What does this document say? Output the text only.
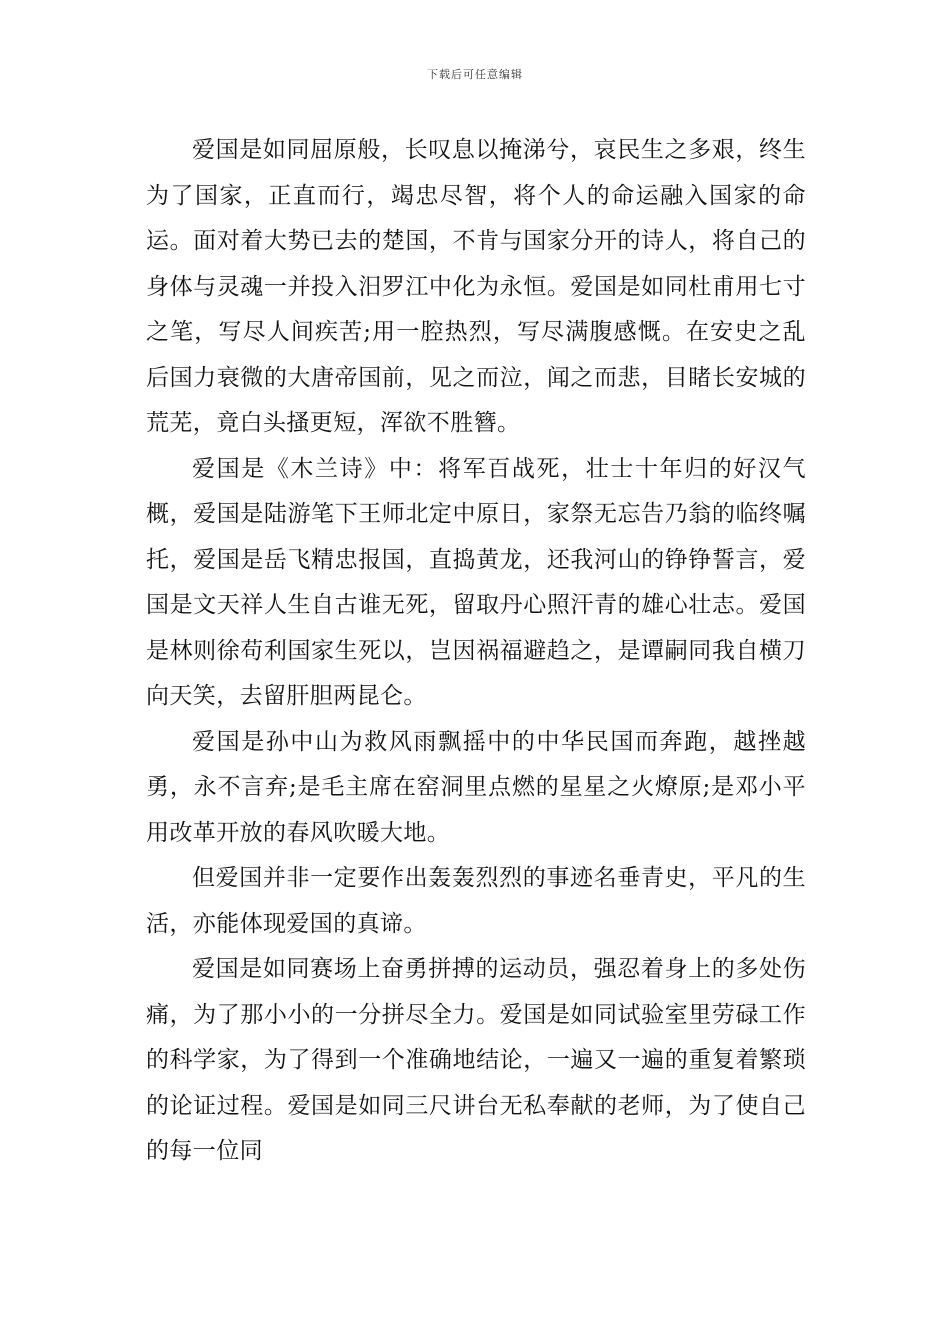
下载后可任意编辑

爱国是如同屈原般，长叹息以掩涕兮，哀民生之多艰，终生为了国家，正直而行，竭忠尽智，将个人的命运融入国家的命运。面对着大势已去的楚国，不肯与国家分开的诗人，将自己的身体与灵魂一并投入汨罗江中化为永恒。爱国是如同杜甫用七寸之笔，写尽人间疾苦;用一腔热烈，写尽满腹感慨。在安史之乱后国力衰微的大唐帝国前，见之而泣，闻之而悲，目睹长安城的荒芜，竟白头搔更短，浑欲不胜簪。

爱国是《木兰诗》中：将军百战死，壮士十年归的好汉气概，爱国是陆游笔下王师北定中原日，家祭无忘告乃翁的临终嘱托，爱国是岳飞精忠报国，直捣黄龙，还我河山的铮铮誓言，爱国是文天祥人生自古谁无死，留取丹心照汗青的雄心壮志。爱国是林则徐苟利国家生死以，岂因祸福避趋之，是谭嗣同我自横刀向天笑，去留肝胆两昆仑。

爱国是孙中山为救风雨飘摇中的中华民国而奔跑，越挫越勇，永不言弃;是毛主席在窑洞里点燃的星星之火燎原;是邓小平用改革开放的春风吹暖大地。

但爱国并非一定要作出轰轰烈烈的事迹名垂青史，平凡的生活，亦能体现爱国的真谛。

爱国是如同赛场上奋勇拼搏的运动员，强忍着身上的多处伤痛，为了那小小的一分拼尽全力。爱国是如同试验室里劳碌工作的科学家，为了得到一个准确地结论，一遍又一遍的重复着繁琐的论证过程。爱国是如同三尺讲台无私奉献的老师，为了使自己的每一位同
